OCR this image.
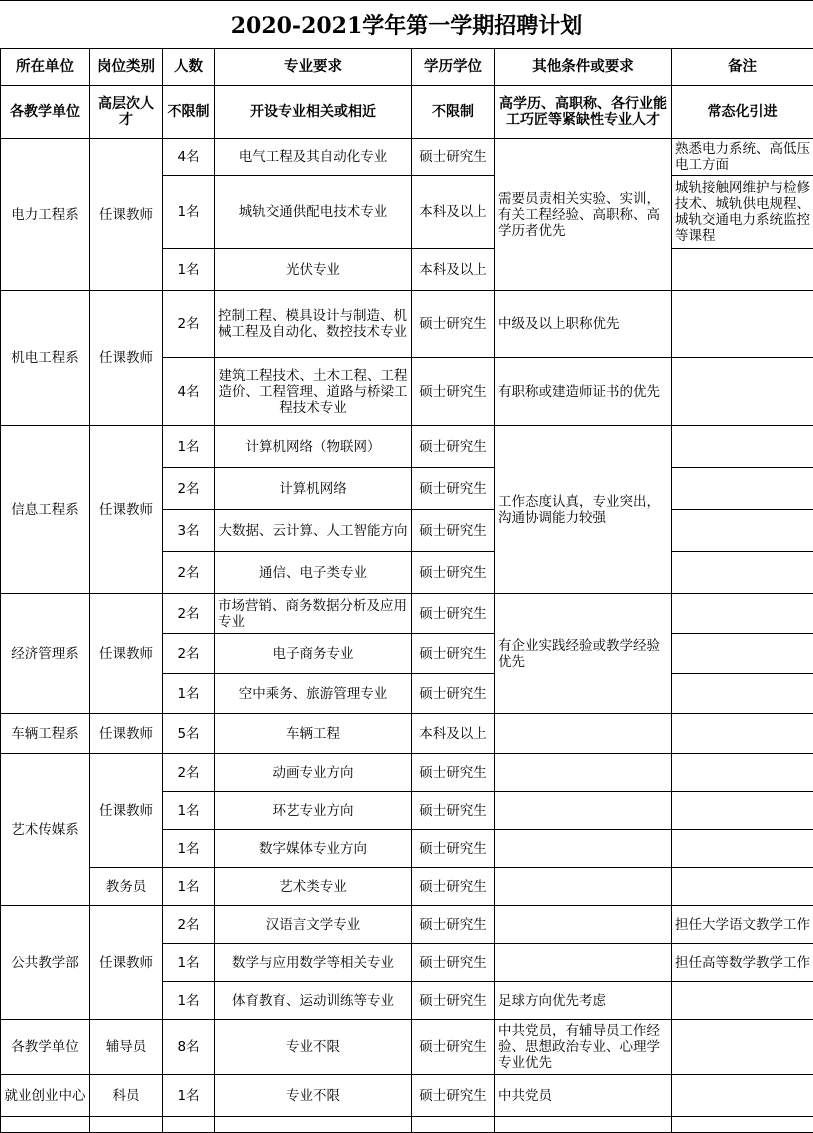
2020-2021学年第一学期招聘计划
所在单位	岗位类别	人数	专业要求	学历学位	其他条件或要求	备注
各教学单位	高层次人才	不限制	开设专业相关或相近	不限制	高学历、高职称、各行业能工巧匠等紧缺性专业人才	常态化引进
电力工程系	任课教师	4名	电气工程及其自动化专业	硕士研究生	需要员责相关实验、实训，有关工程经验、高职称、高学历者优先	熟悉电力系统、高低压电工方面
		1名	城轨交通供配电技术专业	本科及以上		城轨接触网维护与检修技术、城轨供电规程、城轨交通电力系统监控等课程
		1名	光伏专业	本科及以上		
机电工程系	任课教师	2名	控制工程、模具设计与制造、机械工程及自动化、数控技术专业	硕士研究生	中级及以上职称优先	
		4名	建筑工程技术、土木工程、工程造价、工程管理、道路与桥梁工程技术专业	硕士研究生	有职称或建造师证书的优先	
信息工程系	任课教师	1名	计算机网络（物联网）	硕士研究生	工作态度认真，专业突出，沟通协调能力较强	
		2名	计算机网络	硕士研究生		
		3名	大数据、云计算、人工智能方向	硕士研究生		
		2名	通信、电子类专业	硕士研究生		
经济管理系	任课教师	2名	市场营销、商务数据分析及应用专业	硕士研究生	有企业实践经验或教学经验优先	
		2名	电子商务专业	硕士研究生		
		1名	空中乘务、旅游管理专业	硕士研究生		
车辆工程系	任课教师	5名	车辆工程	本科及以上		
艺术传媒系	任课教师	2名	动画专业方向	硕士研究生		
		1名	环艺专业方向	硕士研究生		
		1名	数字媒体专业方向	硕士研究生		
	教务员	1名	艺术类专业	硕士研究生		
公共教学部	任课教师	2名	汉语言文学专业	硕士研究生		担任大学语文教学工作
		1名	数学与应用数学等相关专业	硕士研究生		担任高等数学教学工作
		1名	体育教育、运动训练等专业	硕士研究生	足球方向优先考虑	
各教学单位	辅导员	8名	专业不限	硕士研究生	中共党员，有辅导员工作经验、思想政治专业、心理学专业优先	
就业创业中心	科员	1名	专业不限	硕士研究生	中共党员	
